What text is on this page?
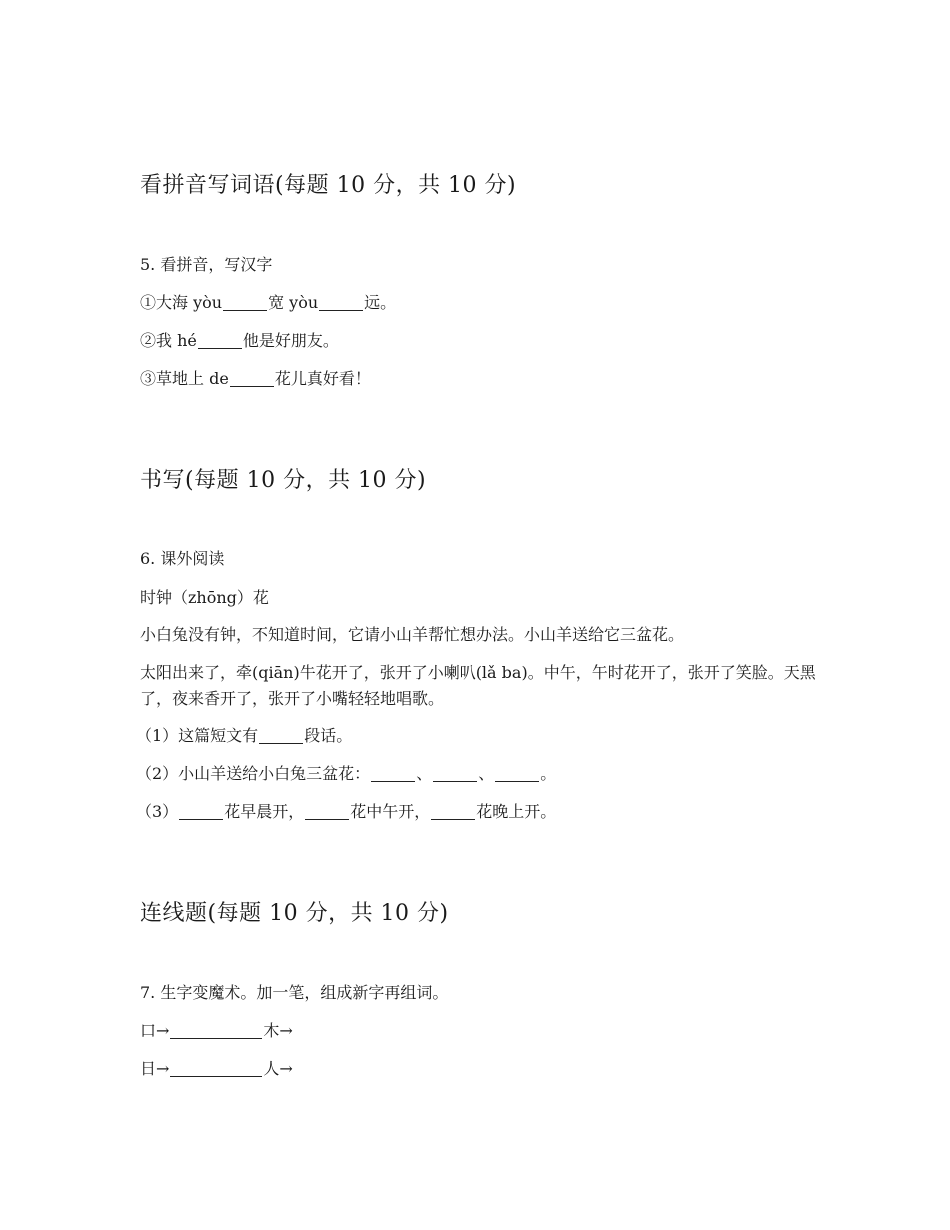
看拼音写词语(每题 10 分，共 10 分)
5. 看拼音，写汉字
①大海 yòu	宽 yòu	远。
②我 hé	他是好朋友。
③草地上 de	花儿真好看！
书写(每题 10 分，共 10 分)
6. 课外阅读
时钟（zhōng）花
小白兔没有钟，不知道时间，它请小山羊帮忙想办法。小山羊送给它三盆花。
太阳出来了，牵(qiān)牛花开了，张开了小喇叭(lǎ ba)。中午，午时花开了，张开了笑脸。天黑了，夜来香开了，张开了小嘴轻轻地唱歌。
（1）这篇短文有	段话。
（2）小山羊送给小白兔三盆花：	、	、	。
（3）	花早晨开，	花中午开，	花晚上开。
连线题(每题 10 分，共 10 分)
7. 生字变魔术。加一笔，组成新字再组词。
口→	木→
日→	人→
